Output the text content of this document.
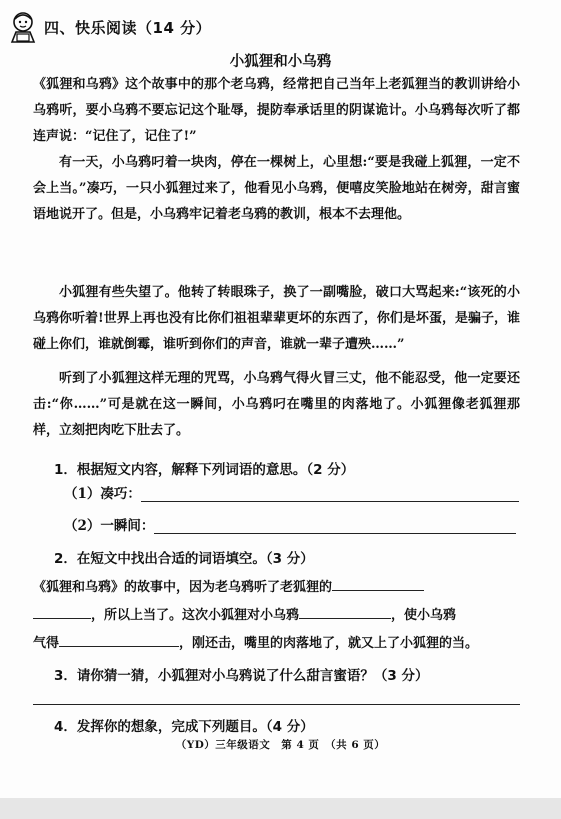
四、快乐阅读（14 分）
小狐狸和小乌鸦
《狐狸和乌鸦》这个故事中的那个老乌鸦，经常把自己当年上老狐狸当的教训讲给小乌鸦听，要小乌鸦不要忘记这个耻辱，提防奉承话里的阴谋诡计。小乌鸦每次听了都连声说：“记住了，记住了!”
有一天，小乌鸦叼着一块肉，停在一棵树上，心里想:“要是我碰上狐狸，一定不会上当。”凑巧，一只小狐狸过来了，他看见小乌鸦，便嘻皮笑脸地站在树旁，甜言蜜语地说开了。但是，小乌鸦牢记着老乌鸦的教训，根本不去理他。
小狐狸有些失望了。他转了转眼珠子，换了一副嘴脸，破口大骂起来:“该死的小乌鸦你听着!世界上再也没有比你们祖祖辈辈更坏的东西了，你们是坏蛋，是骗子，谁碰上你们，谁就倒霉，谁听到你们的声音，谁就一辈子遭殃……”
听到了小狐狸这样无理的咒骂，小乌鸦气得火冒三丈，他不能忍受，他一定要还击:“你……”可是就在这一瞬间，小乌鸦叼在嘴里的肉落地了。小狐狸像老狐狸那样，立刻把肉吃下肚去了。
1．根据短文内容，解释下列词语的意思。（2 分）
（1）凑巧：
（2）一瞬间：
2．在短文中找出合适的词语填空。（3 分）
《狐狸和乌鸦》的故事中，因为老乌鸦听了老狐狸的
，所以上当了。这次小狐狸对小乌鸦	，使小乌鸦
气得	，刚还击，嘴里的肉落地了，就又上了小狐狸的当。
3．请你猜一猜，小狐狸对小乌鸦说了什么甜言蜜语？（3 分）
4．发挥你的想象，完成下列题目。（4 分）
（YD）三年级语文　第 4 页　（共 6 页）
